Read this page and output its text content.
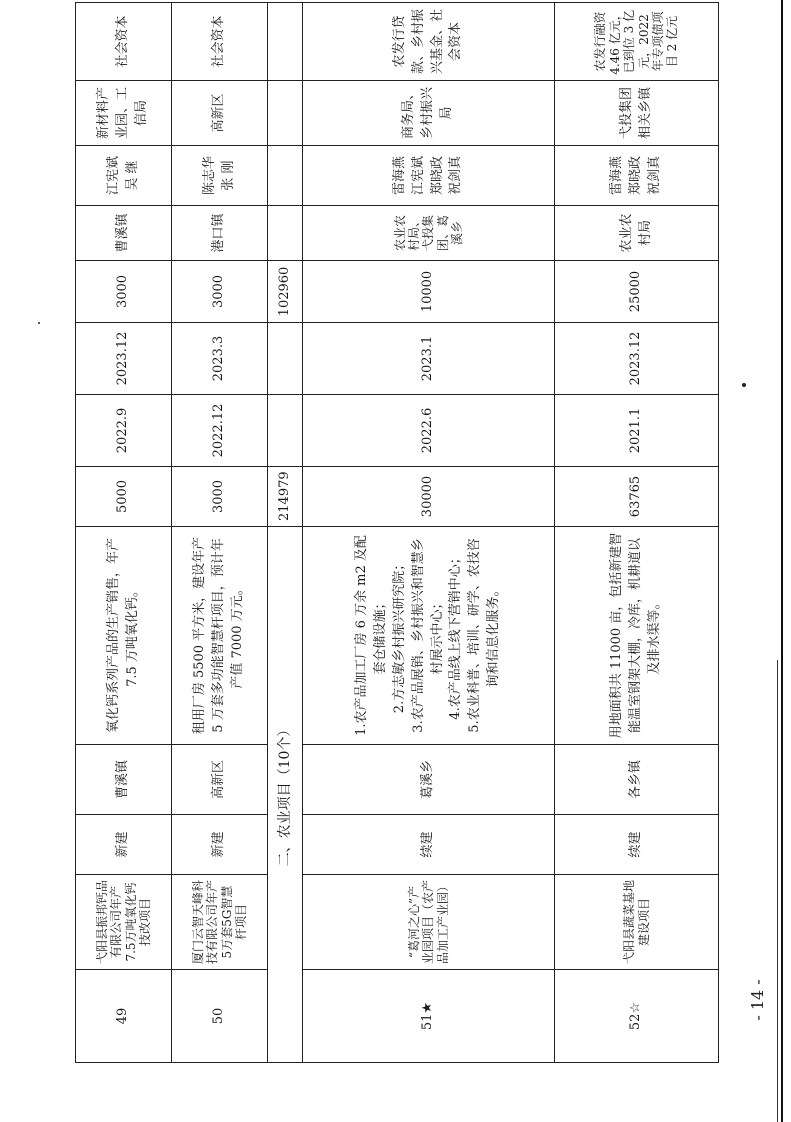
49	弋阳县振邦钙品有限公司年产 7.5万吨氧化钙技改项目	新建	曹溪镇	氧化钙系列产品的生产销售，年产 7.5 万吨氧化钙。	5000	2022.9	2023.12	3000	曹溪镇	江宪斌 吴 继	新材料产业园、工信局	社会资本
50	厦门云智天峰科技有限公司年产5万套5G智慧杆项目	新建	高新区	租用厂房 5500 平方米，建设年产 5 万套多功能智慧杆项目，预计年产值 7000 万元。	3000	2022.12	2023.3	3000	港口镇	陈志华 张 刚	高新区	社会资本
二、农业项目（10个）					214979			102960				
51★	“葛河之心”产业园项目（农产品加工产业园）	续建	葛溪乡	1.农产品加工厂房 6 万余 m2 及配套仓储设施； 2.方志敏乡村振兴研究院； 3.农产品展销、乡村振兴和智慧乡村展示中心； 4.农产品线上线下营销中心； 5.农业科普、培训、研学、农技咨询和信息化服务。	30000	2022.6	2023.1	10000	农业农村局、弋投集团、葛溪乡	雷海燕 江宪斌 郑晓政 祝剑真	商务局、乡村振兴局	农发行贷款、乡村振兴基金、社会资本
52☆	弋阳县蔬菜基地建设项目	续建	各乡镇	用地面积共 11000 亩，包括新建智能温室钢架大棚，冷库，机耕道以及排水渠等。	63765	2021.1	2023.12	25000	农业农村局	雷海燕 郑晓政 祝剑真	弋投集团相关乡镇	农发行融资 4.46 亿元，已到位 3 亿元，2022 年专项债项目 2 亿元
- 14 -
